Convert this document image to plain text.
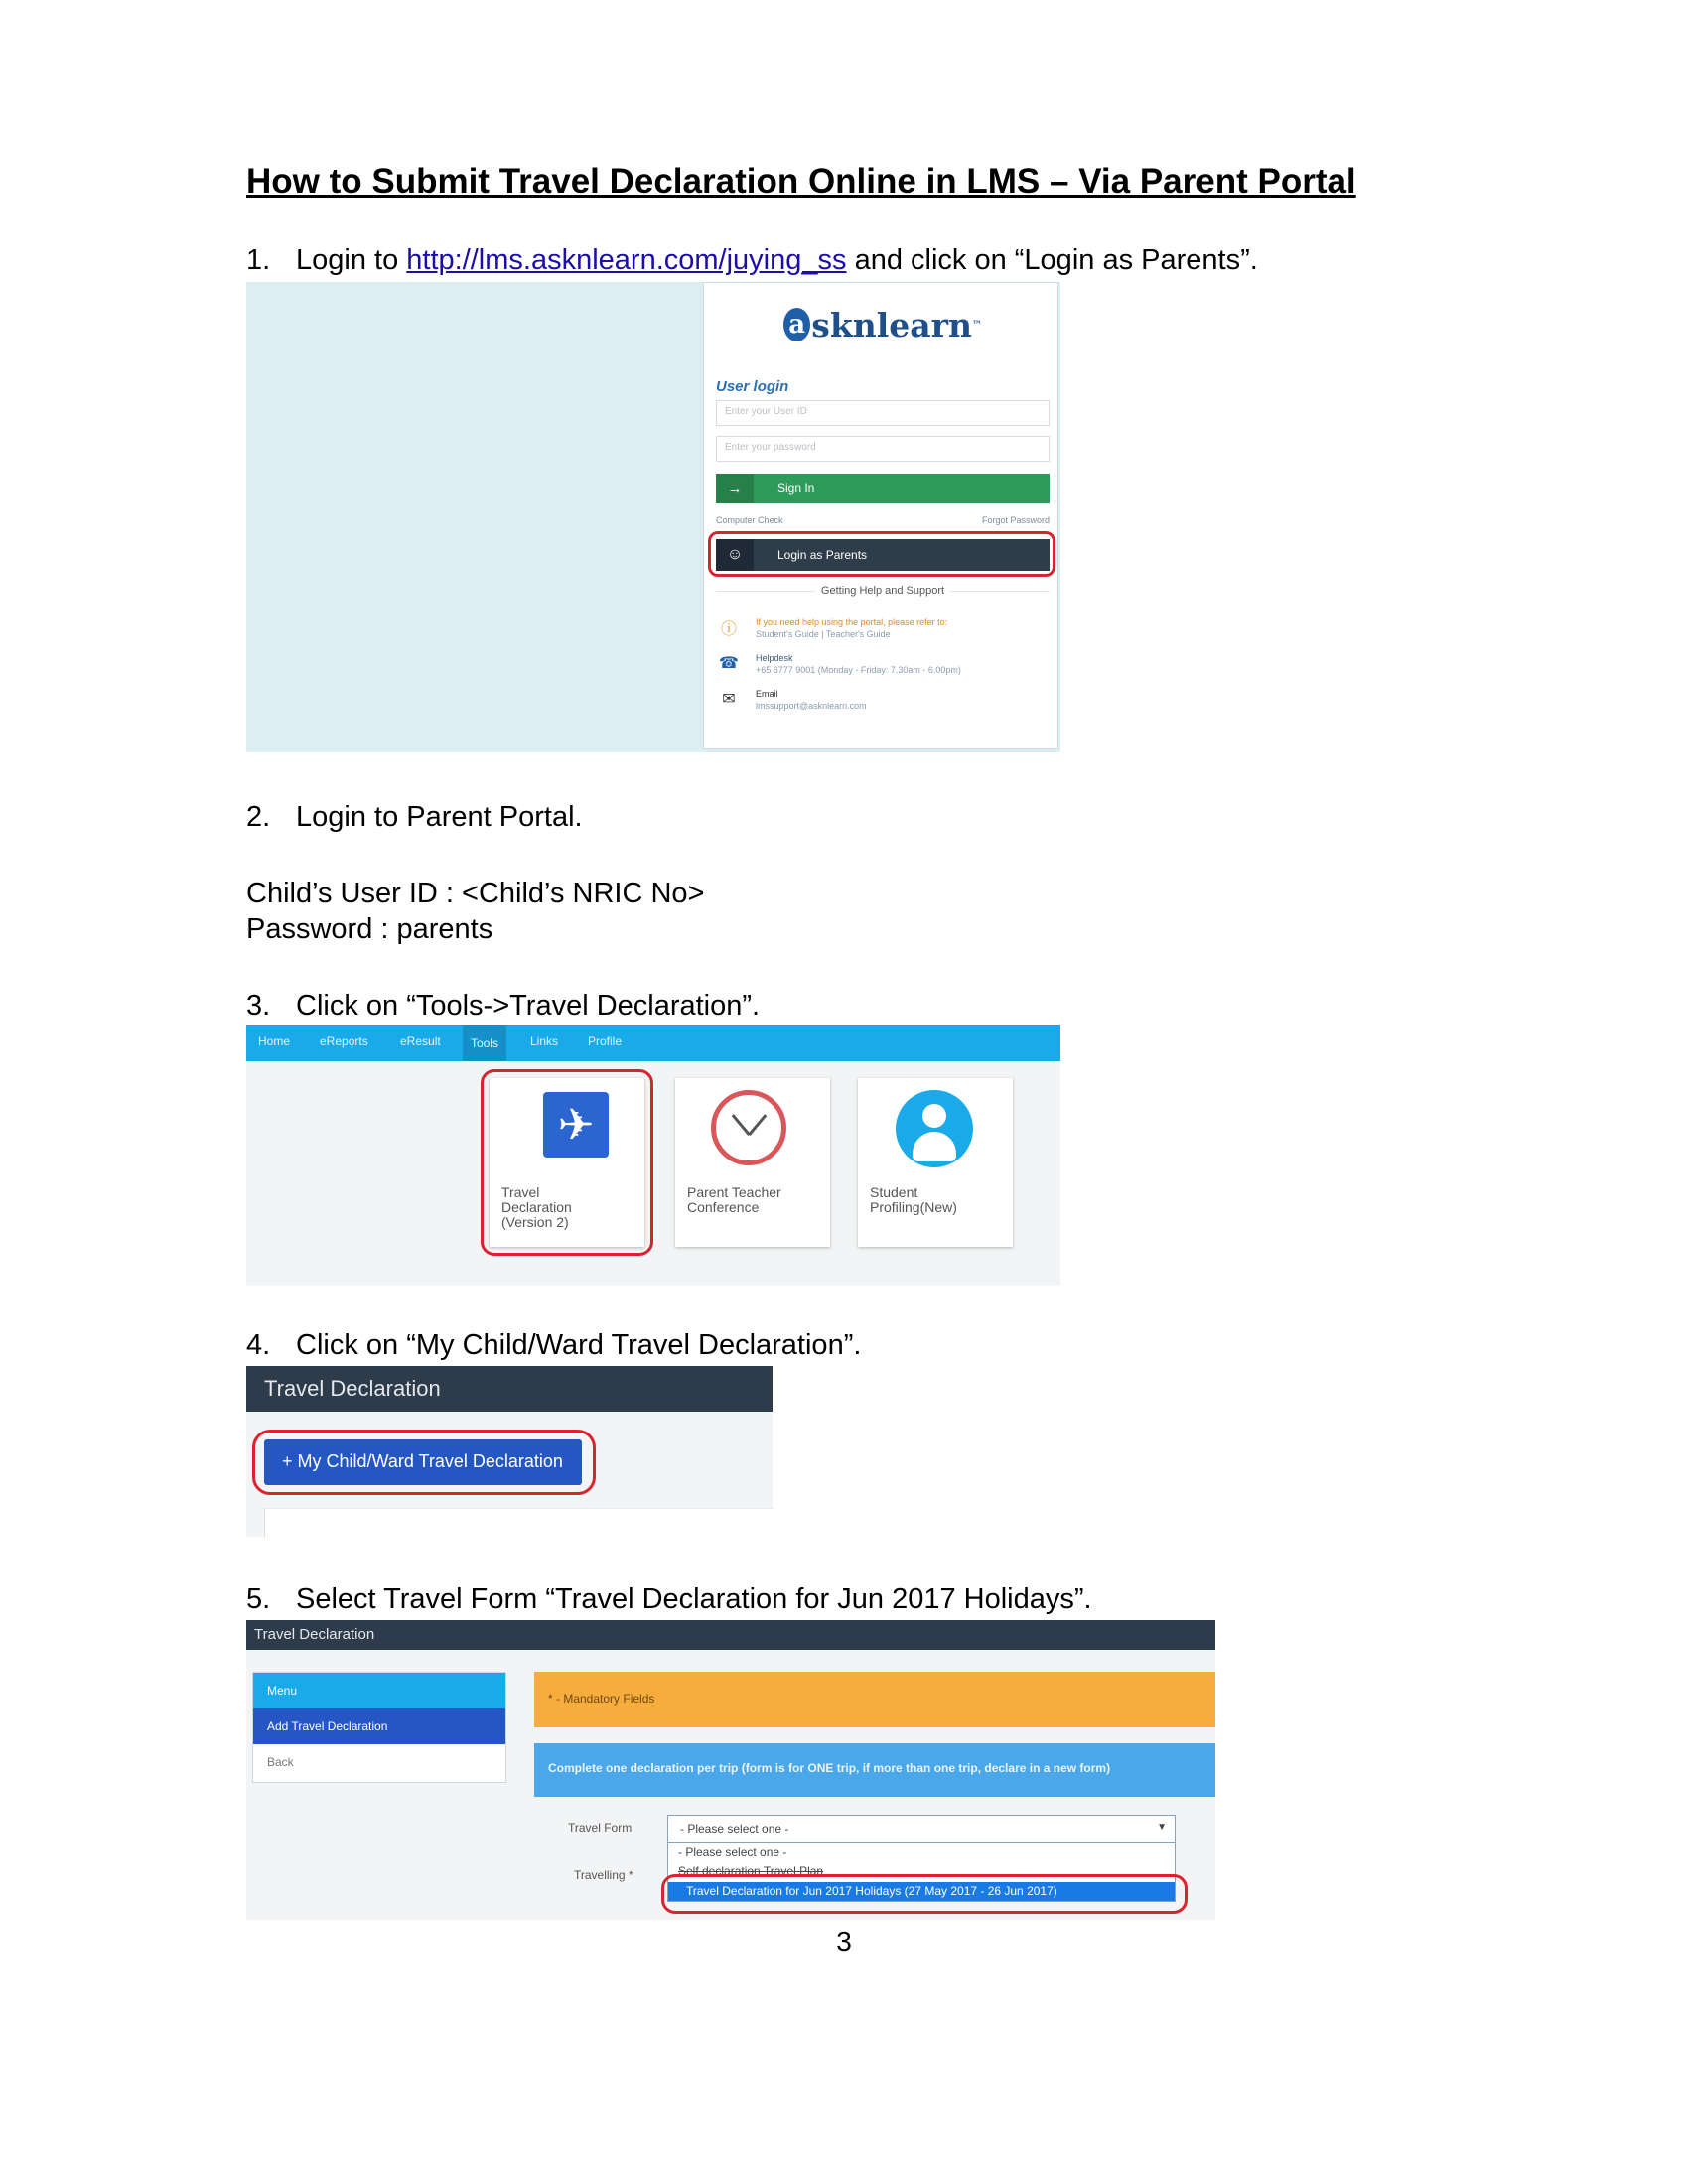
How to Submit Travel Declaration Online in LMS – Via Parent Portal
1. Login to http://lms.asknlearn.com/juying_ss and click on “Login as Parents”.
a sknlearn ™
User login
Enter your User ID
Enter your password
→	Sign In
Computer Check	Forgot Password
☺	Login as Parents
Getting Help and Support
ⓘ	If you need help using the portal, please refer to:
Student's Guide | Teacher's Guide
☎ Helpdesk
+65 6777 9001 (Monday - Friday: 7.30am - 6.00pm)
✉	Email
lmssupport@asknlearn.com
2. Login to Parent Portal.
Child’s User ID : <Child’s NRIC No>
Password : parents
3. Click on “Tools->Travel Declaration”.
Home eReports	eResult	Tools	Links Profile
✈
Travel
Declaration
(Version 2)
Parent Teacher
Conference
Student
Profiling(New)
4. Click on “My Child/Ward Travel Declaration”.
Travel Declaration
+ My Child/Ward Travel Declaration
5. Select Travel Form “Travel Declaration for Jun 2017 Holidays”.
Travel Declaration
Menu
Add Travel Declaration
Back
* - Mandatory Fields
Complete one declaration per trip (form is for ONE trip, if more than one trip, declare in a new form)
Travel Form
Travelling *
- Please select one -	▼
- Please select one -
Self declaration Travel Plan
Travel Declaration for Jun 2017 Holidays (27 May 2017 - 26 Jun 2017)
3
